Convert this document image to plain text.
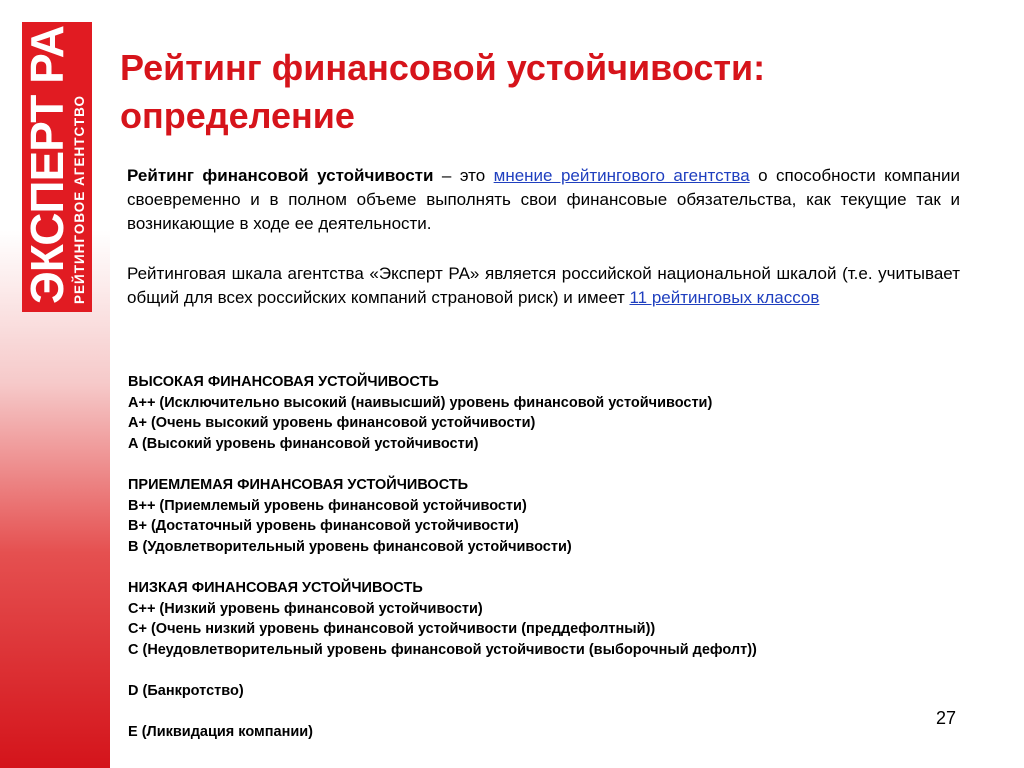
ЭКСПЕРТ РА РЕЙТИНГОВОЕ АГЕНТСТВО
Рейтинг финансовой устойчивости:
определение
Рейтинг финансовой устойчивости – это мнение рейтингового агентства о способности компании своевременно и в полном объеме выполнять свои финансовые обязательства, как текущие так и возникающие в ходе ее деятельности.
Рейтинговая шкала агентства «Эксперт РА» является российской национальной шкалой (т.е. учитывает общий для всех российских компаний страновой риск) и имеет 11 рейтинговых классов
ВЫСОКАЯ ФИНАНСОВАЯ УСТОЙЧИВОСТЬ
A++ (Исключительно высокий (наивысший) уровень финансовой устойчивости)
A+ (Очень высокий уровень финансовой устойчивости)
A (Высокий уровень финансовой устойчивости)
ПРИЕМЛЕМАЯ ФИНАНСОВАЯ УСТОЙЧИВОСТЬ
B++ (Приемлемый уровень финансовой устойчивости)
B+ (Достаточный уровень финансовой устойчивости)
B (Удовлетворительный уровень финансовой устойчивости)
НИЗКАЯ ФИНАНСОВАЯ УСТОЙЧИВОСТЬ
C++ (Низкий уровень финансовой устойчивости)
C+ (Очень низкий уровень финансовой устойчивости (преддефолтный))
C (Неудовлетворительный уровень финансовой устойчивости (выборочный дефолт))
D (Банкротство)
E (Ликвидация компании)
27
